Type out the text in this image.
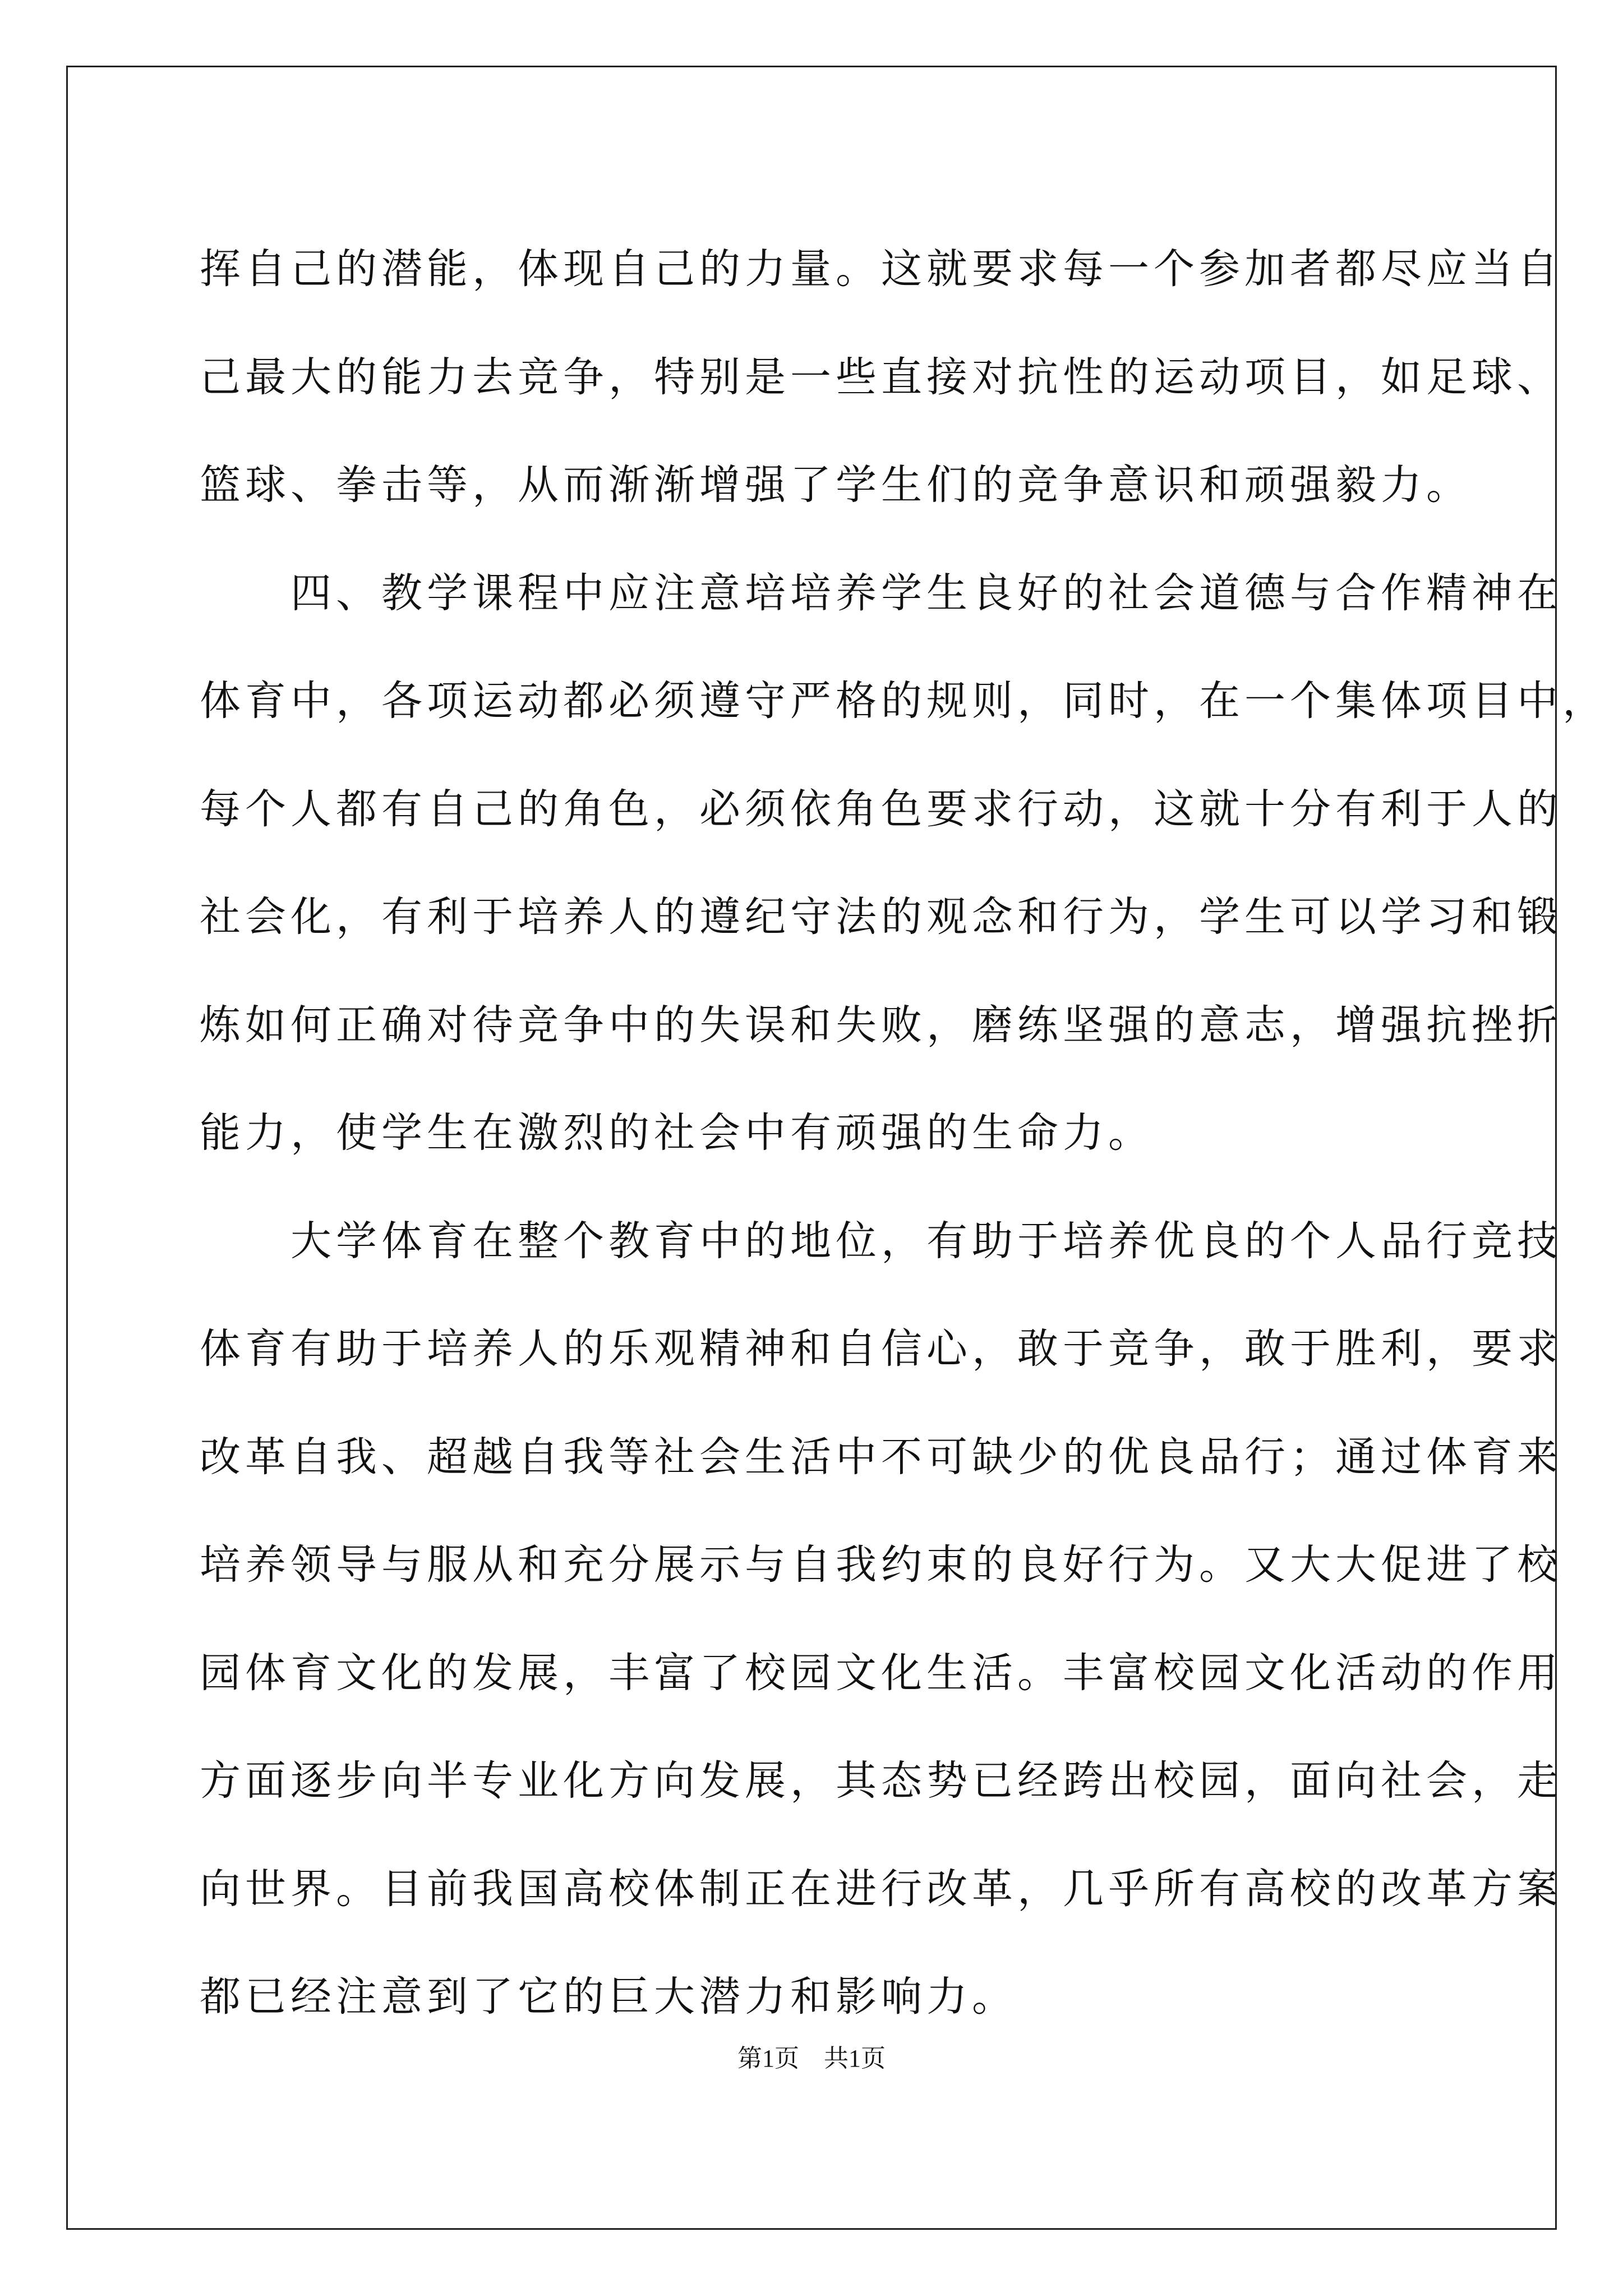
挥自己的潜能，体现自己的力量。这就要求每一个参加者都尽应当自
己最大的能力去竞争，特别是一些直接对抗性的运动项目，如足球、
篮球、拳击等，从而渐渐增强了学生们的竞争意识和顽强毅力。
　　四、教学课程中应注意培培养学生良好的社会道德与合作精神在
体育中，各项运动都必须遵守严格的规则，同时，在一个集体项目中，
每个人都有自己的角色，必须依角色要求行动，这就十分有利于人的
社会化，有利于培养人的遵纪守法的观念和行为，学生可以学习和锻
炼如何正确对待竞争中的失误和失败，磨练坚强的意志，增强抗挫折
能力，使学生在激烈的社会中有顽强的生命力。
　　大学体育在整个教育中的地位，有助于培养优良的个人品行竞技
体育有助于培养人的乐观精神和自信心，敢于竞争，敢于胜利，要求
改革自我、超越自我等社会生活中不可缺少的优良品行；通过体育来
培养领导与服从和充分展示与自我约束的良好行为。又大大促进了校
园体育文化的发展，丰富了校园文化生活。丰富校园文化活动的作用
方面逐步向半专业化方向发展，其态势已经跨出校园，面向社会，走
向世界。目前我国高校体制正在进行改革，几乎所有高校的改革方案
都已经注意到了它的巨大潜力和影响力。
第1页　共1页
